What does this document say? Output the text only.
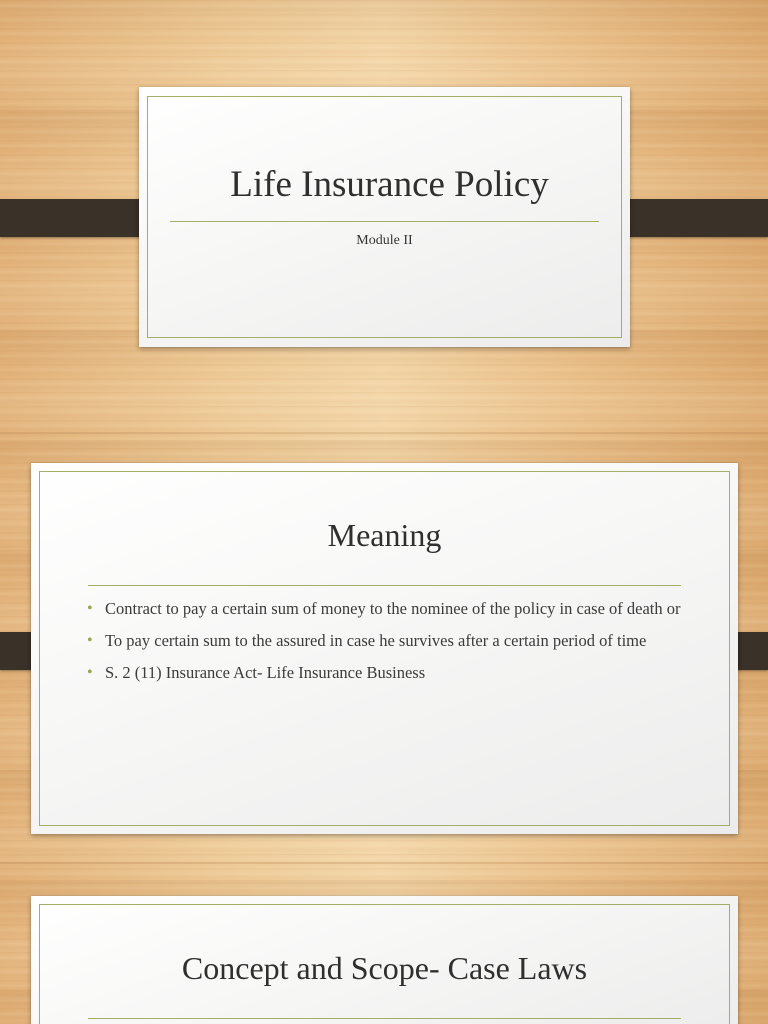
Life Insurance Policy
Module II
Meaning
• Contract to pay a certain sum of money to the nominee of the policy in case of death or
• To pay certain sum to the assured in case he survives after a certain period of time
• S. 2 (11) Insurance Act- Life Insurance Business
Concept and Scope- Case Laws
